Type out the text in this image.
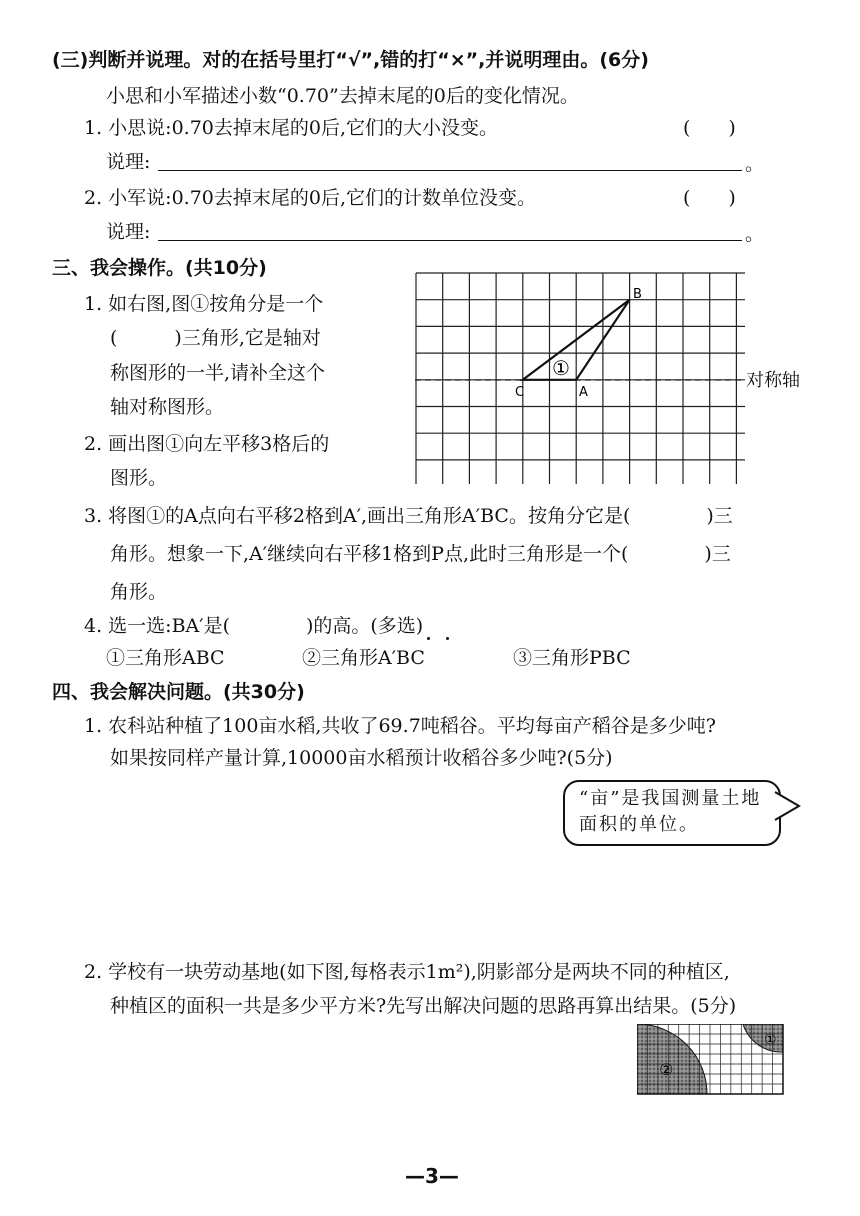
(三)判断并说理。对的在括号里打“√”,错的打“×”,并说明理由。(6分)
小思和小军描述小数“0.70”去掉末尾的0后的变化情况。
1. 小思说:0.70去掉末尾的0后,它们的大小没变。	(　　)
说理:	。
2. 小军说:0.70去掉末尾的0后,它们的计数单位没变。	(　　)
说理:	。
三、我会操作。(共10分)
1. 如右图,图①按角分是一个
(　　　)三角形,它是轴对
称图形的一半,请补全这个
轴对称图形。
2. 画出图①向左平移3格后的
图形。
B
C	A
①
对称轴
3. 将图①的A点向右平移2格到A′,画出三角形A′BC。按角分它是(　　　　)三
角形。想象一下,A′继续向右平移1格到P点,此时三角形是一个(　　　　)三
角形。
4. 选一选:BA′是(　　　　)的高。(多选)
①三角形ABC	②三角形A′BC	③三角形PBC
四、我会解决问题。(共30分)
1. 农科站种植了100亩水稻,共收了69.7吨稻谷。平均每亩产稻谷是多少吨?
如果按同样产量计算,10000亩水稻预计收稻谷多少吨?(5分)
“亩”是我国测量土地面积的单位。
2. 学校有一块劳动基地(如下图,每格表示1m²),阴影部分是两块不同的种植区,
种植区的面积一共是多少平方米?先写出解决问题的思路再算出结果。(5分)
②
①
—3—
